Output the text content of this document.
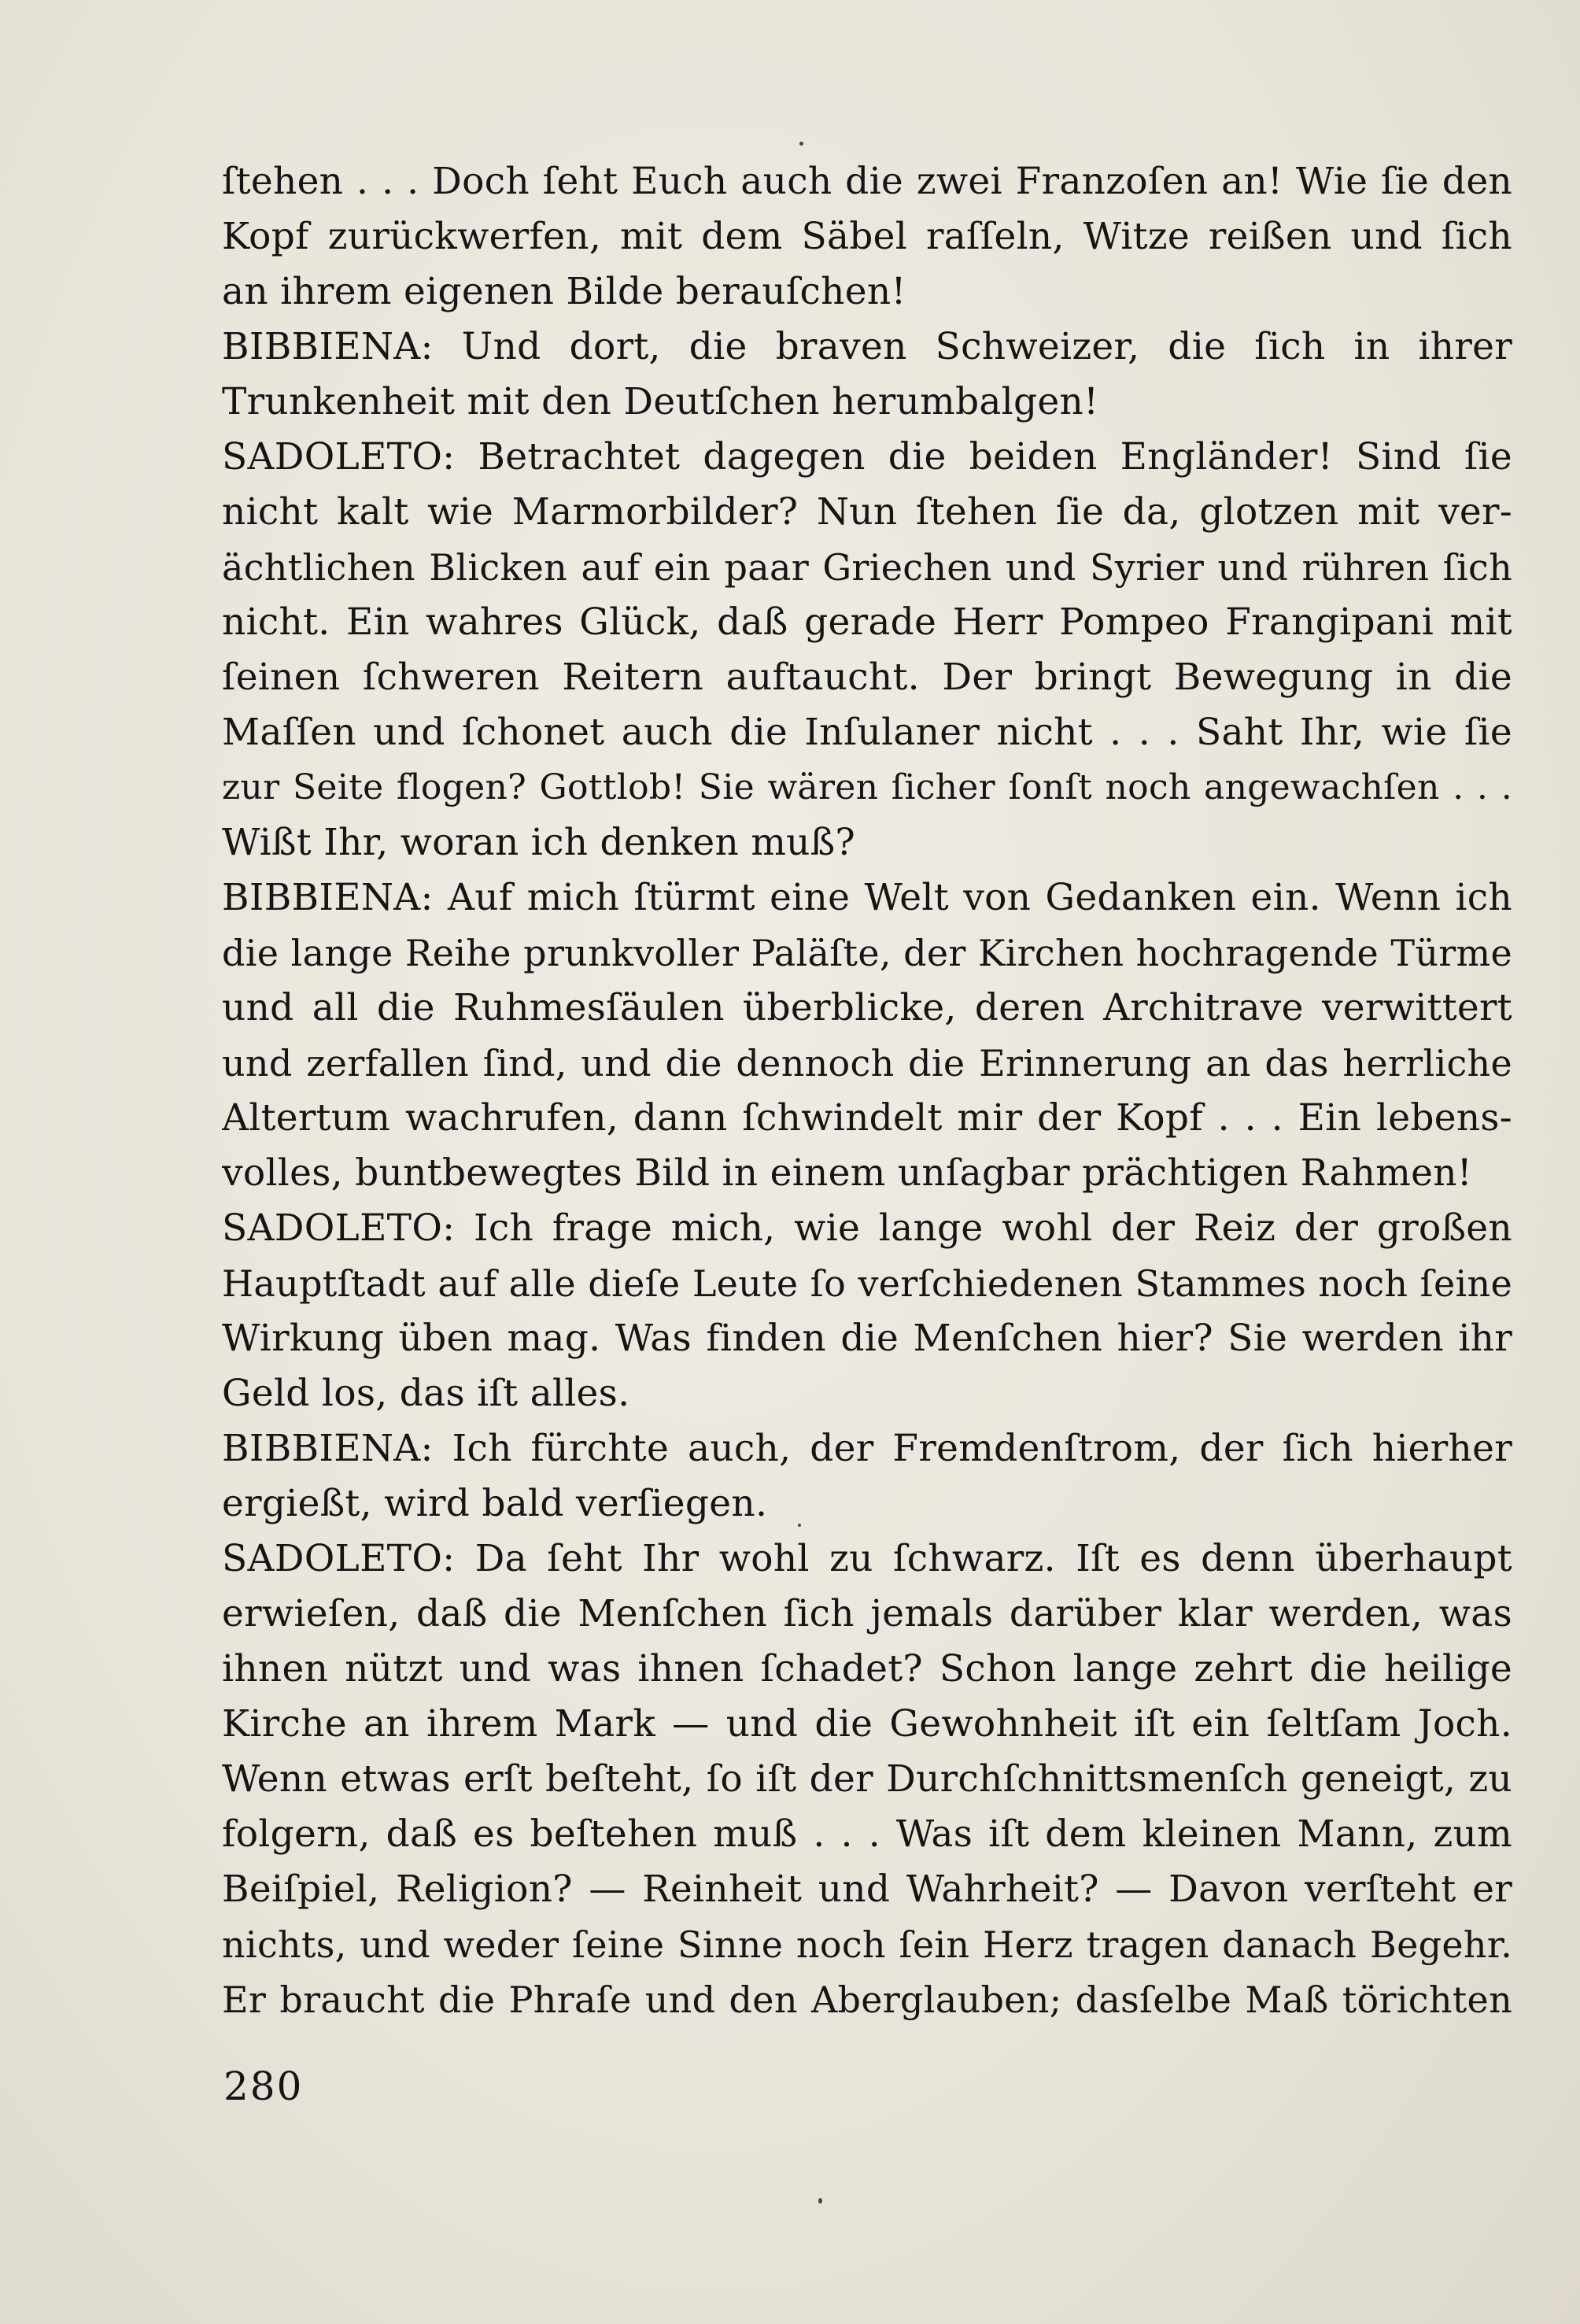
ſtehen . . . Doch ſeht Euch auch die zwei Franzoſen an! Wie ſie den
Kopf zurückwerfen, mit dem Säbel raſſeln, Witze reißen und ſich
an ihrem eigenen Bilde berauſchen!
BIBBIENA: Und dort, die braven Schweizer, die ſich in ihrer
Trunkenheit mit den Deutſchen herumbalgen!
SADOLETO: Betrachtet dagegen die beiden Engländer! Sind ſie
nicht kalt wie Marmorbilder? Nun ſtehen ſie da, glotzen mit ver-
ächtlichen Blicken auf ein paar Griechen und Syrier und rühren ſich
nicht. Ein wahres Glück, daß gerade Herr Pompeo Frangipani mit
ſeinen ſchweren Reitern auftaucht. Der bringt Bewegung in die
Maſſen und ſchonet auch die Inſulaner nicht . . . Saht Ihr, wie ſie
zur Seite flogen? Gottlob! Sie wären ſicher ſonſt noch angewachſen . . .
Wißt Ihr, woran ich denken muß?
BIBBIENA: Auf mich ſtürmt eine Welt von Gedanken ein. Wenn ich
die lange Reihe prunkvoller Paläſte, der Kirchen hochragende Türme
und all die Ruhmesſäulen überblicke, deren Architrave verwittert
und zerfallen ſind, und die dennoch die Erinnerung an das herrliche
Altertum wachrufen, dann ſchwindelt mir der Kopf . . . Ein lebens-
volles, buntbewegtes Bild in einem unſagbar prächtigen Rahmen!
SADOLETO: Ich frage mich, wie lange wohl der Reiz der großen
Hauptſtadt auf alle dieſe Leute ſo verſchiedenen Stammes noch ſeine
Wirkung üben mag. Was finden die Menſchen hier? Sie werden ihr
Geld los, das iſt alles.
BIBBIENA: Ich fürchte auch, der Fremdenſtrom, der ſich hierher
ergießt, wird bald verſiegen.
SADOLETO: Da ſeht Ihr wohl zu ſchwarz. Iſt es denn überhaupt
erwieſen, daß die Menſchen ſich jemals darüber klar werden, was
ihnen nützt und was ihnen ſchadet? Schon lange zehrt die heilige
Kirche an ihrem Mark — und die Gewohnheit iſt ein ſeltſam Joch.
Wenn etwas erſt beſteht, ſo iſt der Durchſchnittsmenſch geneigt, zu
folgern, daß es beſtehen muß . . . Was iſt dem kleinen Mann, zum
Beiſpiel, Religion? — Reinheit und Wahrheit? — Davon verſteht er
nichts, und weder ſeine Sinne noch ſein Herz tragen danach Begehr.
Er braucht die Phraſe und den Aberglauben; dasſelbe Maß törichten
280
